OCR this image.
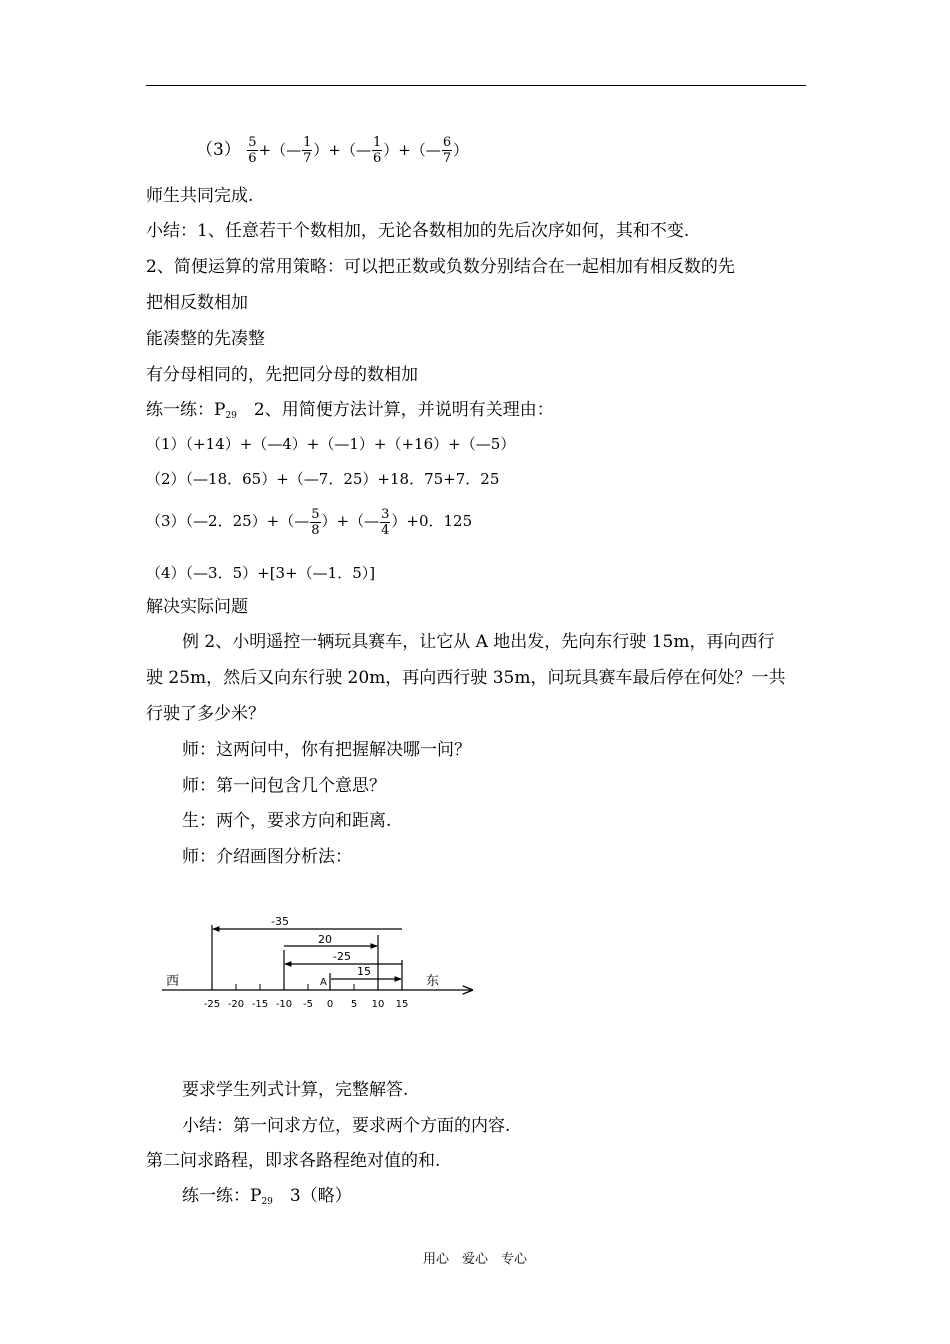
$(3) \frac{5}{6}$ +（— $\frac{1}{7}$ ）+（— $\frac{1}{6}$ ）+（— $\frac{6}{7}$ ）
师生共同完成.
小结：1、任意若干个数相加，无论各数相加的先后次序如何，其和不变.
2、简便运算的常用策略：可以把正数或负数分别结合在一起相加有相反数的先
把相反数相加
能凑整的先凑整
有分母相同的，先把同分母的数相加
练一练：$P_{29}$　 2、用简便方法计算，并说明有关理由：
（1）（+14）+（—4）+（—1）+（+16）+（—5）
（2）（—18．65）+（—7．25）+18．75+7．25
（3）（—2．25）+（— $\frac{5}{8}$ ）+（— $\frac{3}{4} )+0$．125
（4）（—3．5）+[3+（—1．5）]
解决实际问题
例 2、小明遥控一辆玩具赛车，让它从 A 地出发，先向东行驶 15m，再向西行
驶 25m，然后又向东行驶 20m，再向西行驶 35m，问玩具赛车最后停在何处？一共
行驶了多少米？
师：这两问中，你有把握解决哪一问？
师：第一问包含几个意思？
生：两个，要求方向和距离.
师：介绍画图分析法：
西	东
A
-25 -20 -15 -10 -5 0 5 10 15
-35
20
-25
15
要求学生列式计算，完整解答.
小结：第一问求方位，要求两个方面的内容.
第二问求路程，即求各路程绝对值的和.
练一练：$P_{29}$　 3（略）
用心　爱心　专心
